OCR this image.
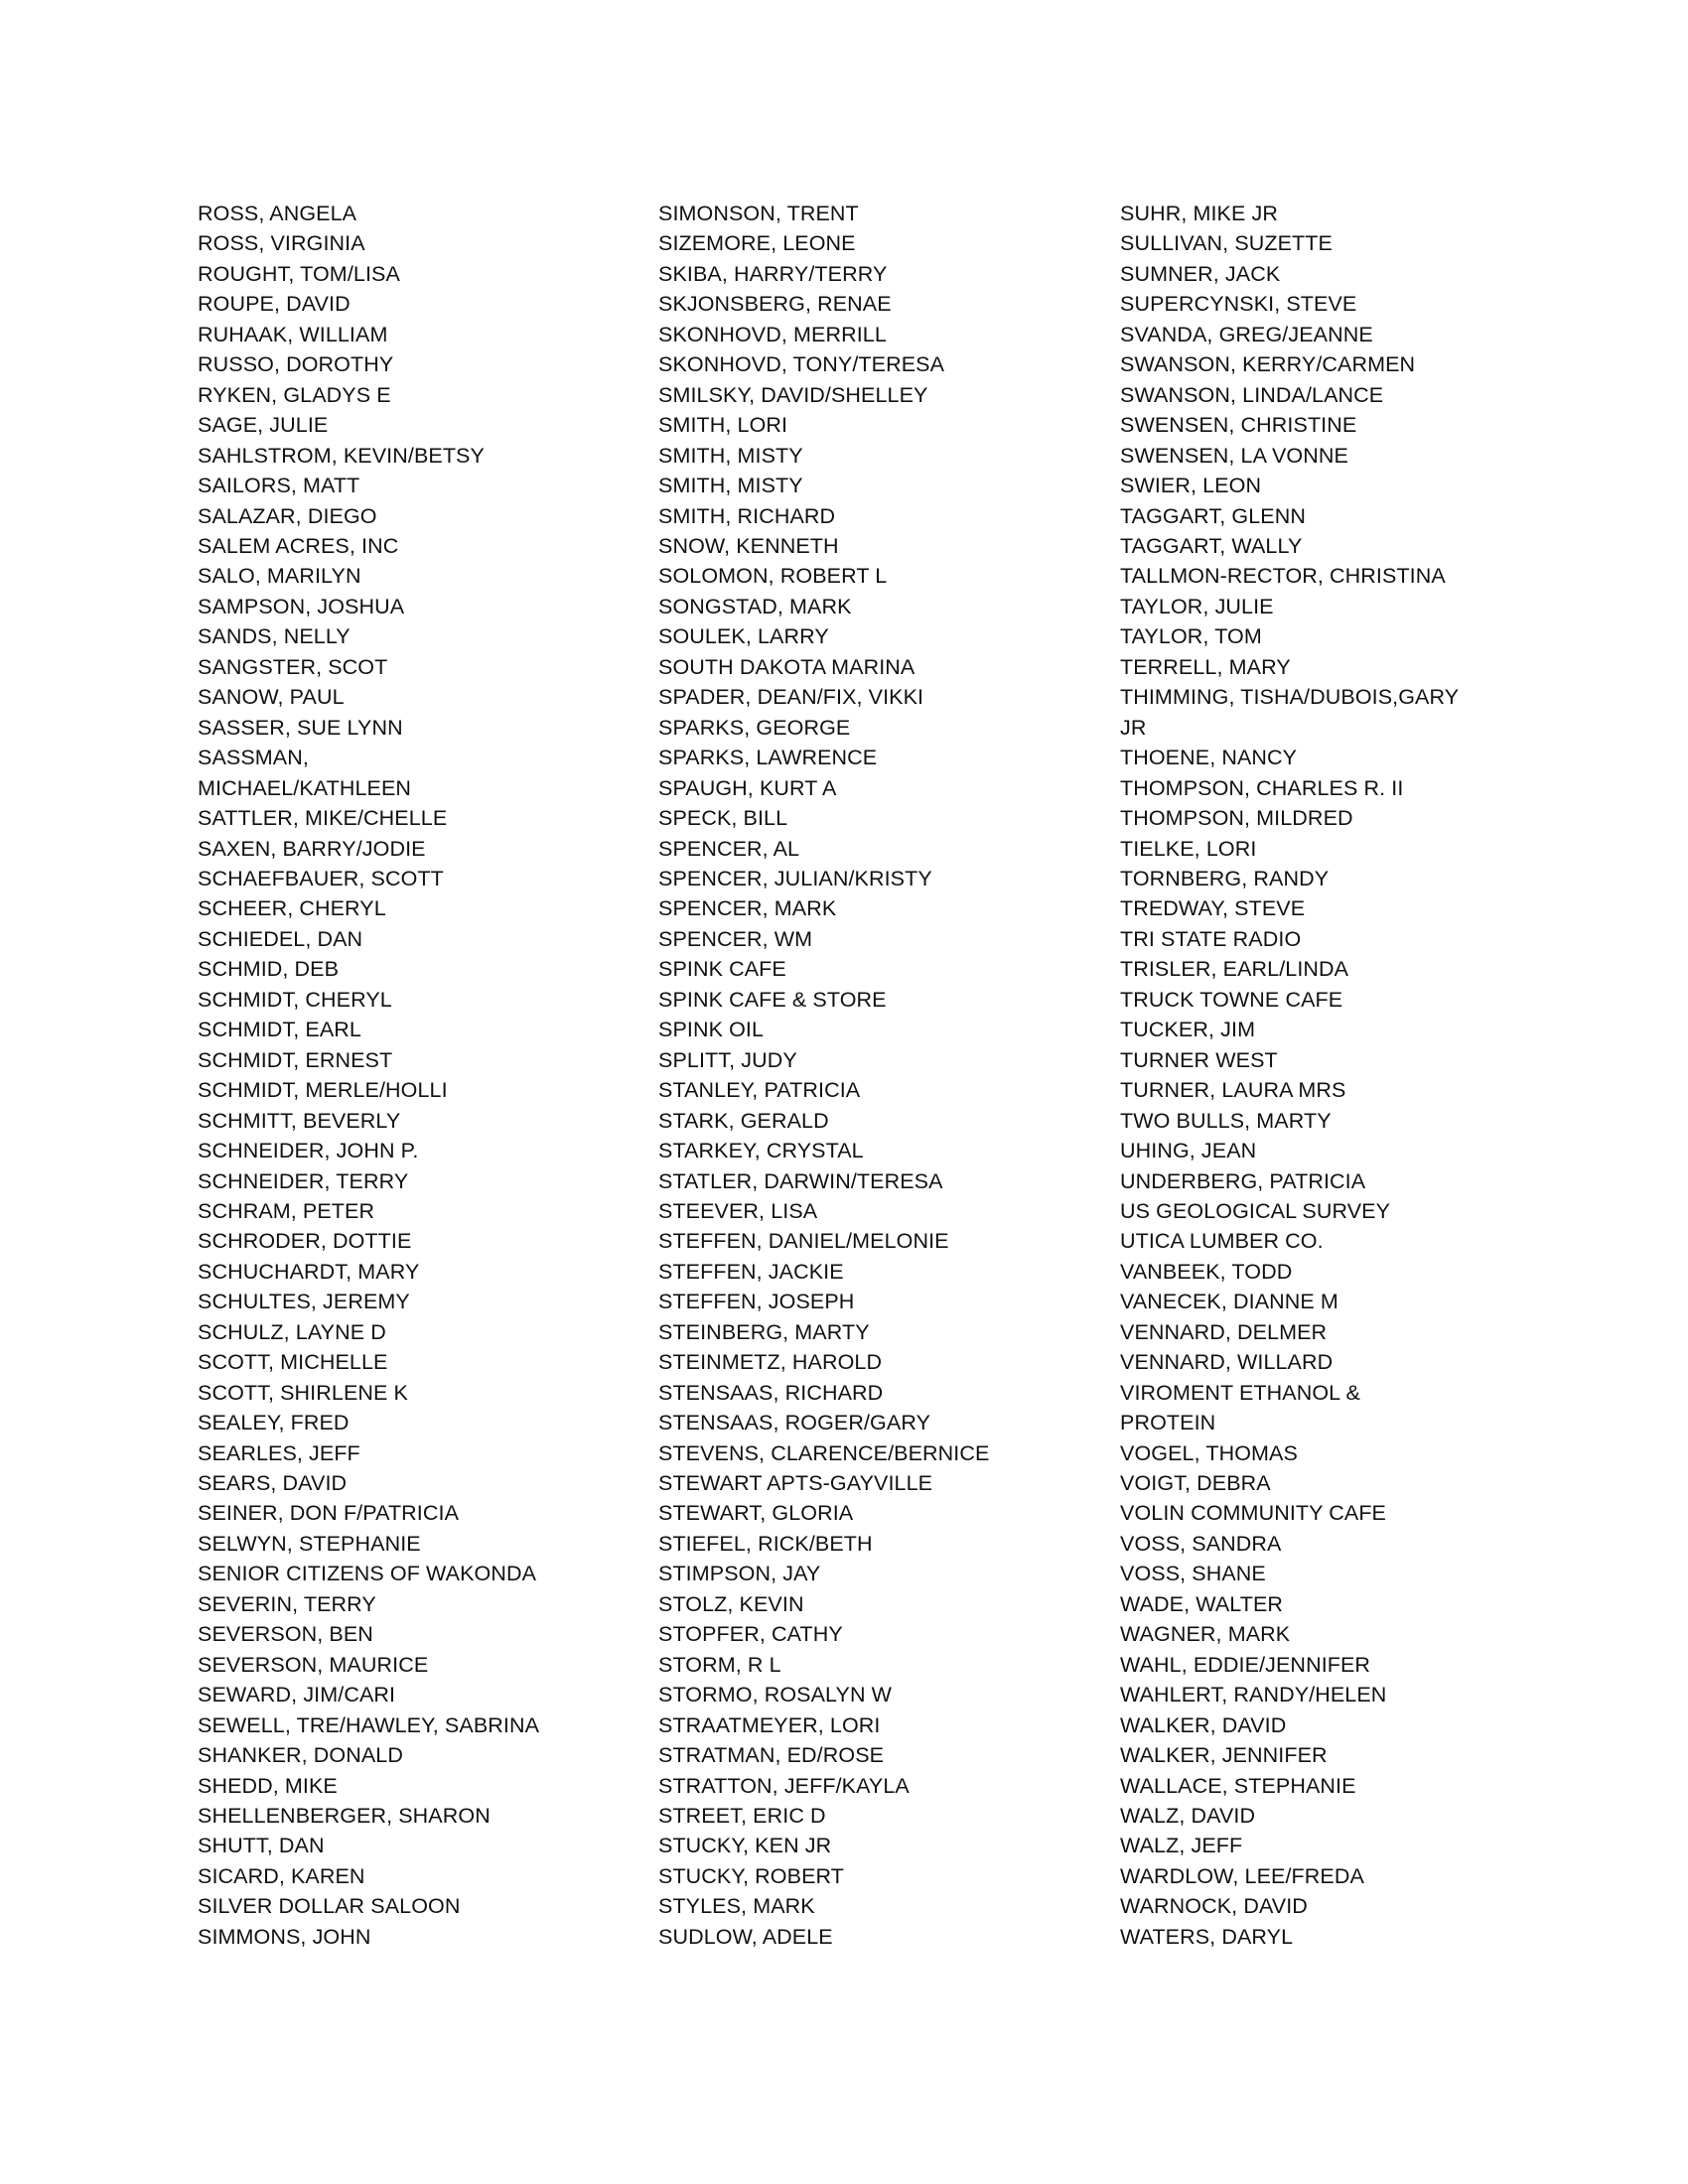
ROSS, ANGELA
ROSS, VIRGINIA
ROUGHT, TOM/LISA
ROUPE, DAVID
RUHAAK, WILLIAM
RUSSO, DOROTHY
RYKEN, GLADYS E
SAGE, JULIE
SAHLSTROM, KEVIN/BETSY
SAILORS, MATT
SALAZAR, DIEGO
SALEM ACRES, INC
SALO, MARILYN
SAMPSON, JOSHUA
SANDS, NELLY
SANGSTER, SCOT
SANOW, PAUL
SASSER, SUE LYNN
SASSMAN,
MICHAEL/KATHLEEN
SATTLER, MIKE/CHELLE
SAXEN, BARRY/JODIE
SCHAEFBAUER, SCOTT
SCHEER, CHERYL
SCHIEDEL, DAN
SCHMID, DEB
SCHMIDT, CHERYL
SCHMIDT, EARL
SCHMIDT, ERNEST
SCHMIDT, MERLE/HOLLI
SCHMITT, BEVERLY
SCHNEIDER, JOHN P.
SCHNEIDER, TERRY
SCHRAM, PETER
SCHRODER, DOTTIE
SCHUCHARDT, MARY
SCHULTES, JEREMY
SCHULZ, LAYNE D
SCOTT, MICHELLE
SCOTT, SHIRLENE K
SEALEY, FRED
SEARLES, JEFF
SEARS, DAVID
SEINER, DON F/PATRICIA
SELWYN, STEPHANIE
SENIOR CITIZENS OF WAKONDA
SEVERIN, TERRY
SEVERSON, BEN
SEVERSON, MAURICE
SEWARD, JIM/CARI
SEWELL, TRE/HAWLEY, SABRINA
SHANKER, DONALD
SHEDD, MIKE
SHELLENBERGER, SHARON
SHUTT, DAN
SICARD, KAREN
SILVER DOLLAR SALOON
SIMMONS, JOHN
SIMONSON, TRENT
SIZEMORE, LEONE
SKIBA, HARRY/TERRY
SKJONSBERG, RENAE
SKONHOVD, MERRILL
SKONHOVD, TONY/TERESA
SMILSKY, DAVID/SHELLEY
SMITH, LORI
SMITH, MISTY
SMITH, MISTY
SMITH, RICHARD
SNOW, KENNETH
SOLOMON, ROBERT L
SONGSTAD, MARK
SOULEK, LARRY
SOUTH DAKOTA MARINA
SPADER, DEAN/FIX, VIKKI
SPARKS, GEORGE
SPARKS, LAWRENCE
SPAUGH, KURT A
SPECK, BILL
SPENCER, AL
SPENCER, JULIAN/KRISTY
SPENCER, MARK
SPENCER, WM
SPINK CAFE
SPINK CAFE & STORE
SPINK OIL
SPLITT, JUDY
STANLEY, PATRICIA
STARK, GERALD
STARKEY, CRYSTAL
STATLER, DARWIN/TERESA
STEEVER, LISA
STEFFEN, DANIEL/MELONIE
STEFFEN, JACKIE
STEFFEN, JOSEPH
STEINBERG, MARTY
STEINMETZ, HAROLD
STENSAAS, RICHARD
STENSAAS, ROGER/GARY
STEVENS, CLARENCE/BERNICE
STEWART APTS-GAYVILLE
STEWART, GLORIA
STIEFEL, RICK/BETH
STIMPSON, JAY
STOLZ, KEVIN
STOPFER, CATHY
STORM, R L
STORMO, ROSALYN W
STRAATMEYER, LORI
STRATMAN, ED/ROSE
STRATTON, JEFF/KAYLA
STREET, ERIC D
STUCKY, KEN JR
STUCKY, ROBERT
STYLES, MARK
SUDLOW, ADELE
SUHR, MIKE JR
SULLIVAN, SUZETTE
SUMNER, JACK
SUPERCYNSKI, STEVE
SVANDA, GREG/JEANNE
SWANSON, KERRY/CARMEN
SWANSON, LINDA/LANCE
SWENSEN, CHRISTINE
SWENSEN, LA VONNE
SWIER, LEON
TAGGART, GLENN
TAGGART, WALLY
TALLMON-RECTOR, CHRISTINA
TAYLOR, JULIE
TAYLOR, TOM
TERRELL, MARY
THIMMING, TISHA/DUBOIS,GARY
JR
THOENE, NANCY
THOMPSON, CHARLES R. II
THOMPSON, MILDRED
TIELKE, LORI
TORNBERG, RANDY
TREDWAY, STEVE
TRI STATE RADIO
TRISLER, EARL/LINDA
TRUCK TOWNE CAFE
TUCKER, JIM
TURNER WEST
TURNER, LAURA MRS
TWO BULLS, MARTY
UHING, JEAN
UNDERBERG, PATRICIA
US GEOLOGICAL SURVEY
UTICA LUMBER CO.
VANBEEK, TODD
VANECEK, DIANNE M
VENNARD, DELMER
VENNARD, WILLARD
VIROMENT ETHANOL &
PROTEIN
VOGEL, THOMAS
VOIGT, DEBRA
VOLIN COMMUNITY CAFE
VOSS, SANDRA
VOSS, SHANE
WADE, WALTER
WAGNER, MARK
WAHL, EDDIE/JENNIFER
WAHLERT, RANDY/HELEN
WALKER, DAVID
WALKER, JENNIFER
WALLACE, STEPHANIE
WALZ, DAVID
WALZ, JEFF
WARDLOW, LEE/FREDA
WARNOCK, DAVID
WATERS, DARYL
